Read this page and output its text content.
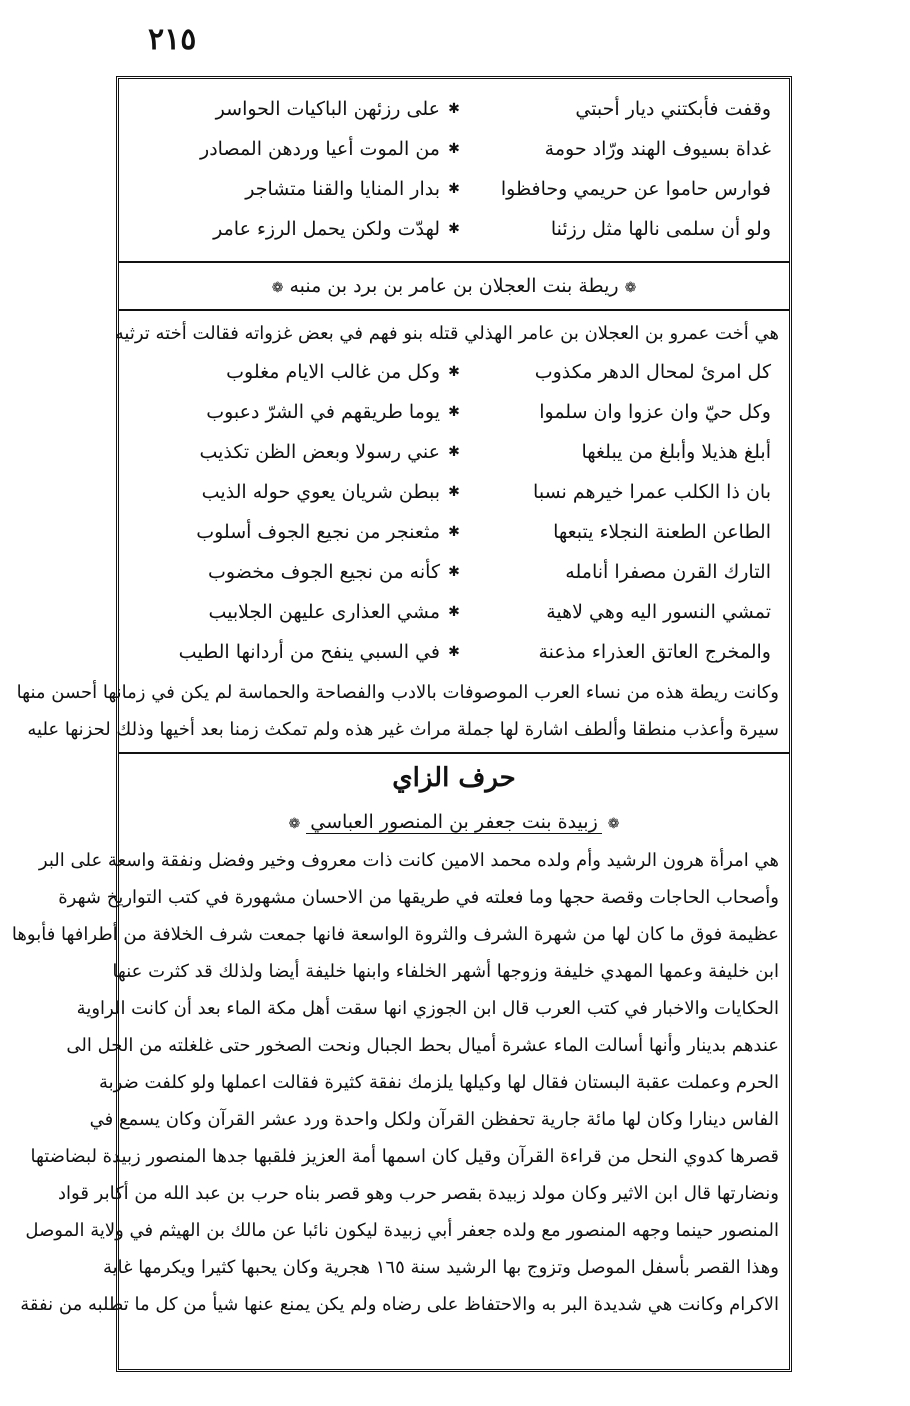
٢١٥
وقفت فأبكتني ديار أحبتي
✱
على رزئهن الباكيات الحواسر
غداة بسيوف الهند ورّاد حومة
✱
من الموت أعيا وردهن المصادر
فوارس حاموا عن حريمي وحافظوا
✱
بدار المنايا والقنا متشاجر
ولو أن سلمى نالها مثل رزئنا
✱
لهدّت ولكن يحمل الرزء عامر
❁ريطة بنت العجلان بن عامر بن برد بن منبه❁
هي أخت عمرو بن العجلان بن عامر الهذلي قتله بنو فهم في بعض غزواته فقالت أخته ترثيه
كل امرئ لمحال الدهر مكذوب
✱
وكل من غالب الايام مغلوب
وكل حيّ وان عزوا وان سلموا
✱
يوما طريقهم في الشرّ دعبوب
أبلغ هذيلا وأبلغ من يبلغها
✱
عني رسولا وبعض الظن تكذيب
بان ذا الكلب عمرا خيرهم نسبا
✱
ببطن شريان يعوي حوله الذيب
الطاعن الطعنة النجلاء يتبعها
✱
مثعنجر من نجيع الجوف أسلوب
التارك القرن مصفرا أنامله
✱
كأنه من نجيع الجوف مخضوب
تمشي النسور اليه وهي لاهية
✱
مشي العذارى عليهن الجلابيب
والمخرج العاتق العذراء مذعنة
✱
في السبي ينفح من أردانها الطيب
وكانت ريطة هذه من نساء العرب الموصوفات بالادب والفصاحة والحماسة لم يكن في زمانها أحسن منها
سيرة وأعذب منطقا وألطف اشارة لها جملة مراث غير هذه ولم تمكث زمنا بعد أخيها وذلك لحزنها عليه
حرف الزاي
❁زبيدة بنت جعفر بن المنصور العباسي❁
هي امرأة هرون الرشيد وأم ولده محمد الامين كانت ذات معروف وخير وفضل ونفقة واسعة على البر
وأصحاب الحاجات وقصة حجها وما فعلته في طريقها من الاحسان مشهورة في كتب التواريخ شهرة
عظيمة فوق ما كان لها من شهرة الشرف والثروة الواسعة فانها جمعت شرف الخلافة من أطرافها فأبوها
ابن خليفة وعمها المهدي خليفة وزوجها أشهر الخلفاء وابنها خليفة أيضا ولذلك قد كثرت عنها
الحكايات والاخبار في كتب العرب قال ابن الجوزي انها سقت أهل مكة الماء بعد أن كانت الراوية
عندهم بدينار وأنها أسالت الماء عشرة أميال بحط الجبال ونحت الصخور حتى غلغلته من الحل الى
الحرم وعملت عقبة البستان فقال لها وكيلها يلزمك نفقة كثيرة فقالت اعملها ولو كلفت ضربة
الفاس دينارا وكان لها مائة جارية تحفظن القرآن ولكل واحدة ورد عشر القرآن وكان يسمع في
قصرها كدوي النحل من قراءة القرآن وقيل كان اسمها أمة العزيز فلقبها جدها المنصور زبيدة لبضاضتها
ونضارتها قال ابن الاثير وكان مولد زبيدة بقصر حرب وهو قصر بناه حرب بن عبد الله من أكابر قواد
المنصور حينما وجهه المنصور مع ولده جعفر أبي زبيدة ليكون نائبا عن مالك بن الهيثم في ولاية الموصل
وهذا القصر بأسفل الموصل وتزوج بها الرشيد سنة ١٦٥ هجرية وكان يحبها كثيرا ويكرمها غاية
الاكرام وكانت هي شديدة البر به والاحتفاظ على رضاه ولم يكن يمنع عنها شيأ من كل ما تطلبه من نفقة
